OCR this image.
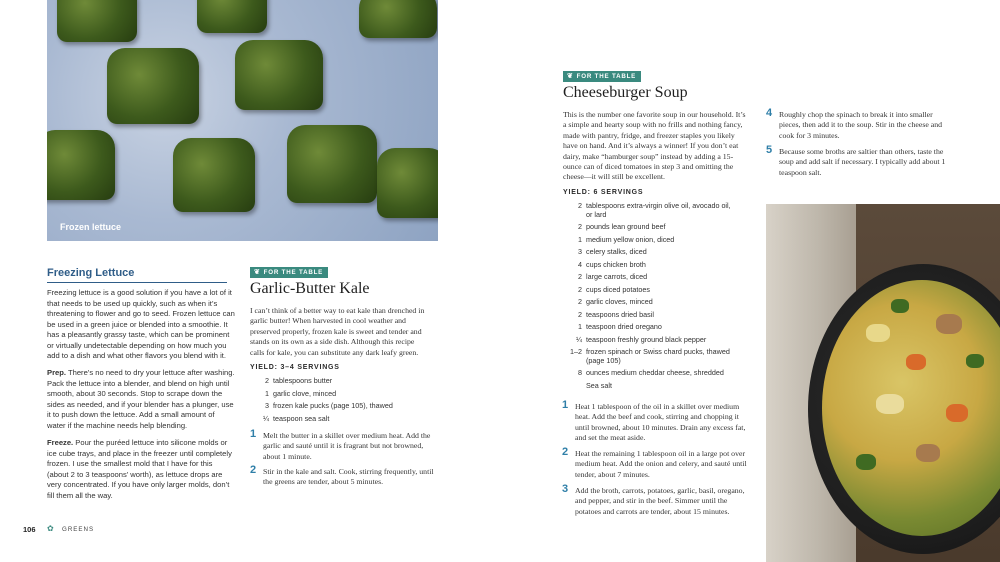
Frozen lettuce
Freezing Lettuce
Freezing lettuce is a good solution if you have a lot of it that needs to be used up quickly, such as when it’s threatening to flower and go to seed. Frozen lettuce can be used in a green juice or blended into a smoothie. It has a pleasantly grassy taste, which can be prominent or virtually undetectable depending on how much you add to a dish and what other flavors you blend with it.
Prep. There’s no need to dry your lettuce after washing. Pack the lettuce into a blender, and blend on high until smooth, about 30 seconds. Stop to scrape down the sides as needed, and if your blender has a plunger, use it to push down the lettuce. Add a small amount of water if the machine needs help blending.
Freeze. Pour the puréed lettuce into silicone molds or ice cube trays, and place in the freezer until completely frozen. I use the smallest mold that I have for this (about 2 to 3 teaspoons’ worth), as lettuce drops are very concentrated. If you have only larger molds, don’t fill them all the way.
❦ FOR THE TABLE
Garlic-Butter Kale
I can’t think of a better way to eat kale than drenched in garlic butter! When harvested in cool weather and preserved properly, frozen kale is sweet and tender and stands on its own as a side dish. Although this recipe calls for kale, you can substitute any dark leafy green.
YIELD: 3–4 SERVINGS
2 tablespoons butter
1 garlic clove, minced
3 frozen kale pucks (page 105), thawed
¼ teaspoon sea salt
1 Melt the butter in a skillet over medium heat. Add the garlic and sauté until it is fragrant but not browned, about 1 minute.
2 Stir in the kale and salt. Cook, stirring frequently, until the greens are tender, about 5 minutes.
❦ FOR THE TABLE
Cheeseburger Soup
This is the number one favorite soup in our household. It’s a simple and hearty soup with no frills and nothing fancy, made with pantry, fridge, and freezer staples you likely have on hand. And it’s always a winner! If you don’t eat dairy, make “hamburger soup” instead by adding a 15-ounce can of diced tomatoes in step 3 and omitting the cheese—it will still be excellent.
YIELD: 6 SERVINGS
2 tablespoons extra-virgin olive oil, avocado oil, or lard
2 pounds lean ground beef
1 medium yellow onion, diced
3 celery stalks, diced
4 cups chicken broth
2 large carrots, diced
2 cups diced potatoes
2 garlic cloves, minced
2 teaspoons dried basil
1 teaspoon dried oregano
¼ teaspoon freshly ground black pepper
1–2 frozen spinach or Swiss chard pucks, thawed (page 105)
8 ounces medium cheddar cheese, shredded
Sea salt
1 Heat 1 tablespoon of the oil in a skillet over medium heat. Add the beef and cook, stirring and chopping it until browned, about 10 minutes. Drain any excess fat, and set the meat aside.
2 Heat the remaining 1 tablespoon oil in a large pot over medium heat. Add the onion and celery, and sauté until tender, about 7 minutes.
3 Add the broth, carrots, potatoes, garlic, basil, oregano, and pepper, and stir in the beef. Simmer until the potatoes and carrots are tender, about 15 minutes.
4 Roughly chop the spinach to break it into smaller pieces, then add it to the soup. Stir in the cheese and cook for 3 minutes.
5 Because some broths are saltier than others, taste the soup and add salt if necessary. I typically add about 1 teaspoon salt.
106 ✿ GREENS
